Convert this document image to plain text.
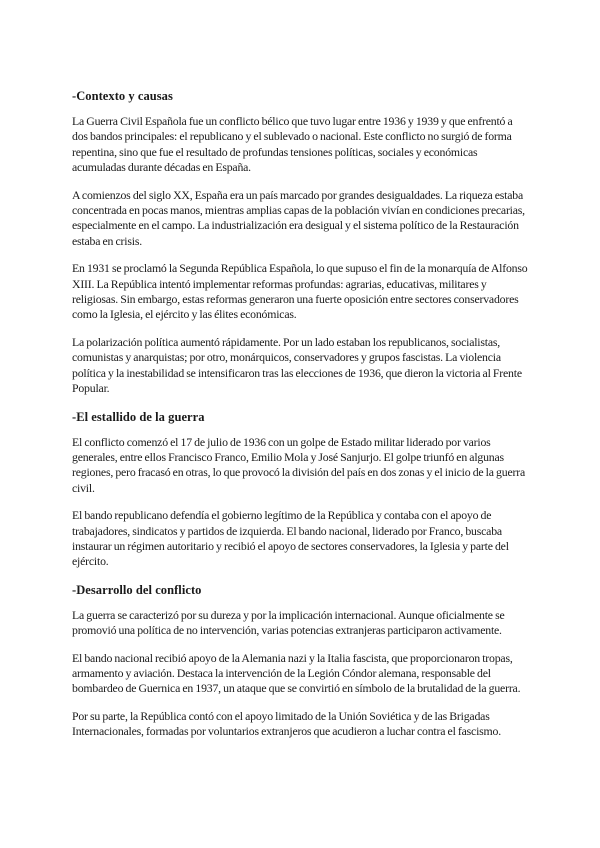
-Contexto y causas

La Guerra Civil Española fue un conflicto bélico que tuvo lugar entre 1936 y 1939 y que enfrentó a dos bandos principales: el republicano y el sublevado o nacional. Este conflicto no surgió de forma repentina, sino que fue el resultado de profundas tensiones políticas, sociales y económicas acumuladas durante décadas en España.

A comienzos del siglo XX, España era un país marcado por grandes desigualdades. La riqueza estaba concentrada en pocas manos, mientras amplias capas de la población vivían en condiciones precarias, especialmente en el campo. La industrialización era desigual y el sistema político de la Restauración estaba en crisis.

En 1931 se proclamó la Segunda República Española, lo que supuso el fin de la monarquía de Alfonso XIII. La República intentó implementar reformas profundas: agrarias, educativas, militares y religiosas. Sin embargo, estas reformas generaron una fuerte oposición entre sectores conservadores como la Iglesia, el ejército y las élites económicas.

La polarización política aumentó rápidamente. Por un lado estaban los republicanos, socialistas, comunistas y anarquistas; por otro, monárquicos, conservadores y grupos fascistas. La violencia política y la inestabilidad se intensificaron tras las elecciones de 1936, que dieron la victoria al Frente Popular.

-El estallido de la guerra

El conflicto comenzó el 17 de julio de 1936 con un golpe de Estado militar liderado por varios generales, entre ellos Francisco Franco, Emilio Mola y José Sanjurjo. El golpe triunfó en algunas regiones, pero fracasó en otras, lo que provocó la división del país en dos zonas y el inicio de la guerra civil.

El bando republicano defendía el gobierno legítimo de la República y contaba con el apoyo de trabajadores, sindicatos y partidos de izquierda. El bando nacional, liderado por Franco, buscaba instaurar un régimen autoritario y recibió el apoyo de sectores conservadores, la Iglesia y parte del ejército.

-Desarrollo del conflicto

La guerra se caracterizó por su dureza y por la implicación internacional. Aunque oficialmente se promovió una política de no intervención, varias potencias extranjeras participaron activamente.

El bando nacional recibió apoyo de la Alemania nazi y la Italia fascista, que proporcionaron tropas, armamento y aviación. Destaca la intervención de la Legión Cóndor alemana, responsable del bombardeo de Guernica en 1937, un ataque que se convirtió en símbolo de la brutalidad de la guerra.

Por su parte, la República contó con el apoyo limitado de la Unión Soviética y de las Brigadas Internacionales, formadas por voluntarios extranjeros que acudieron a luchar contra el fascismo.
